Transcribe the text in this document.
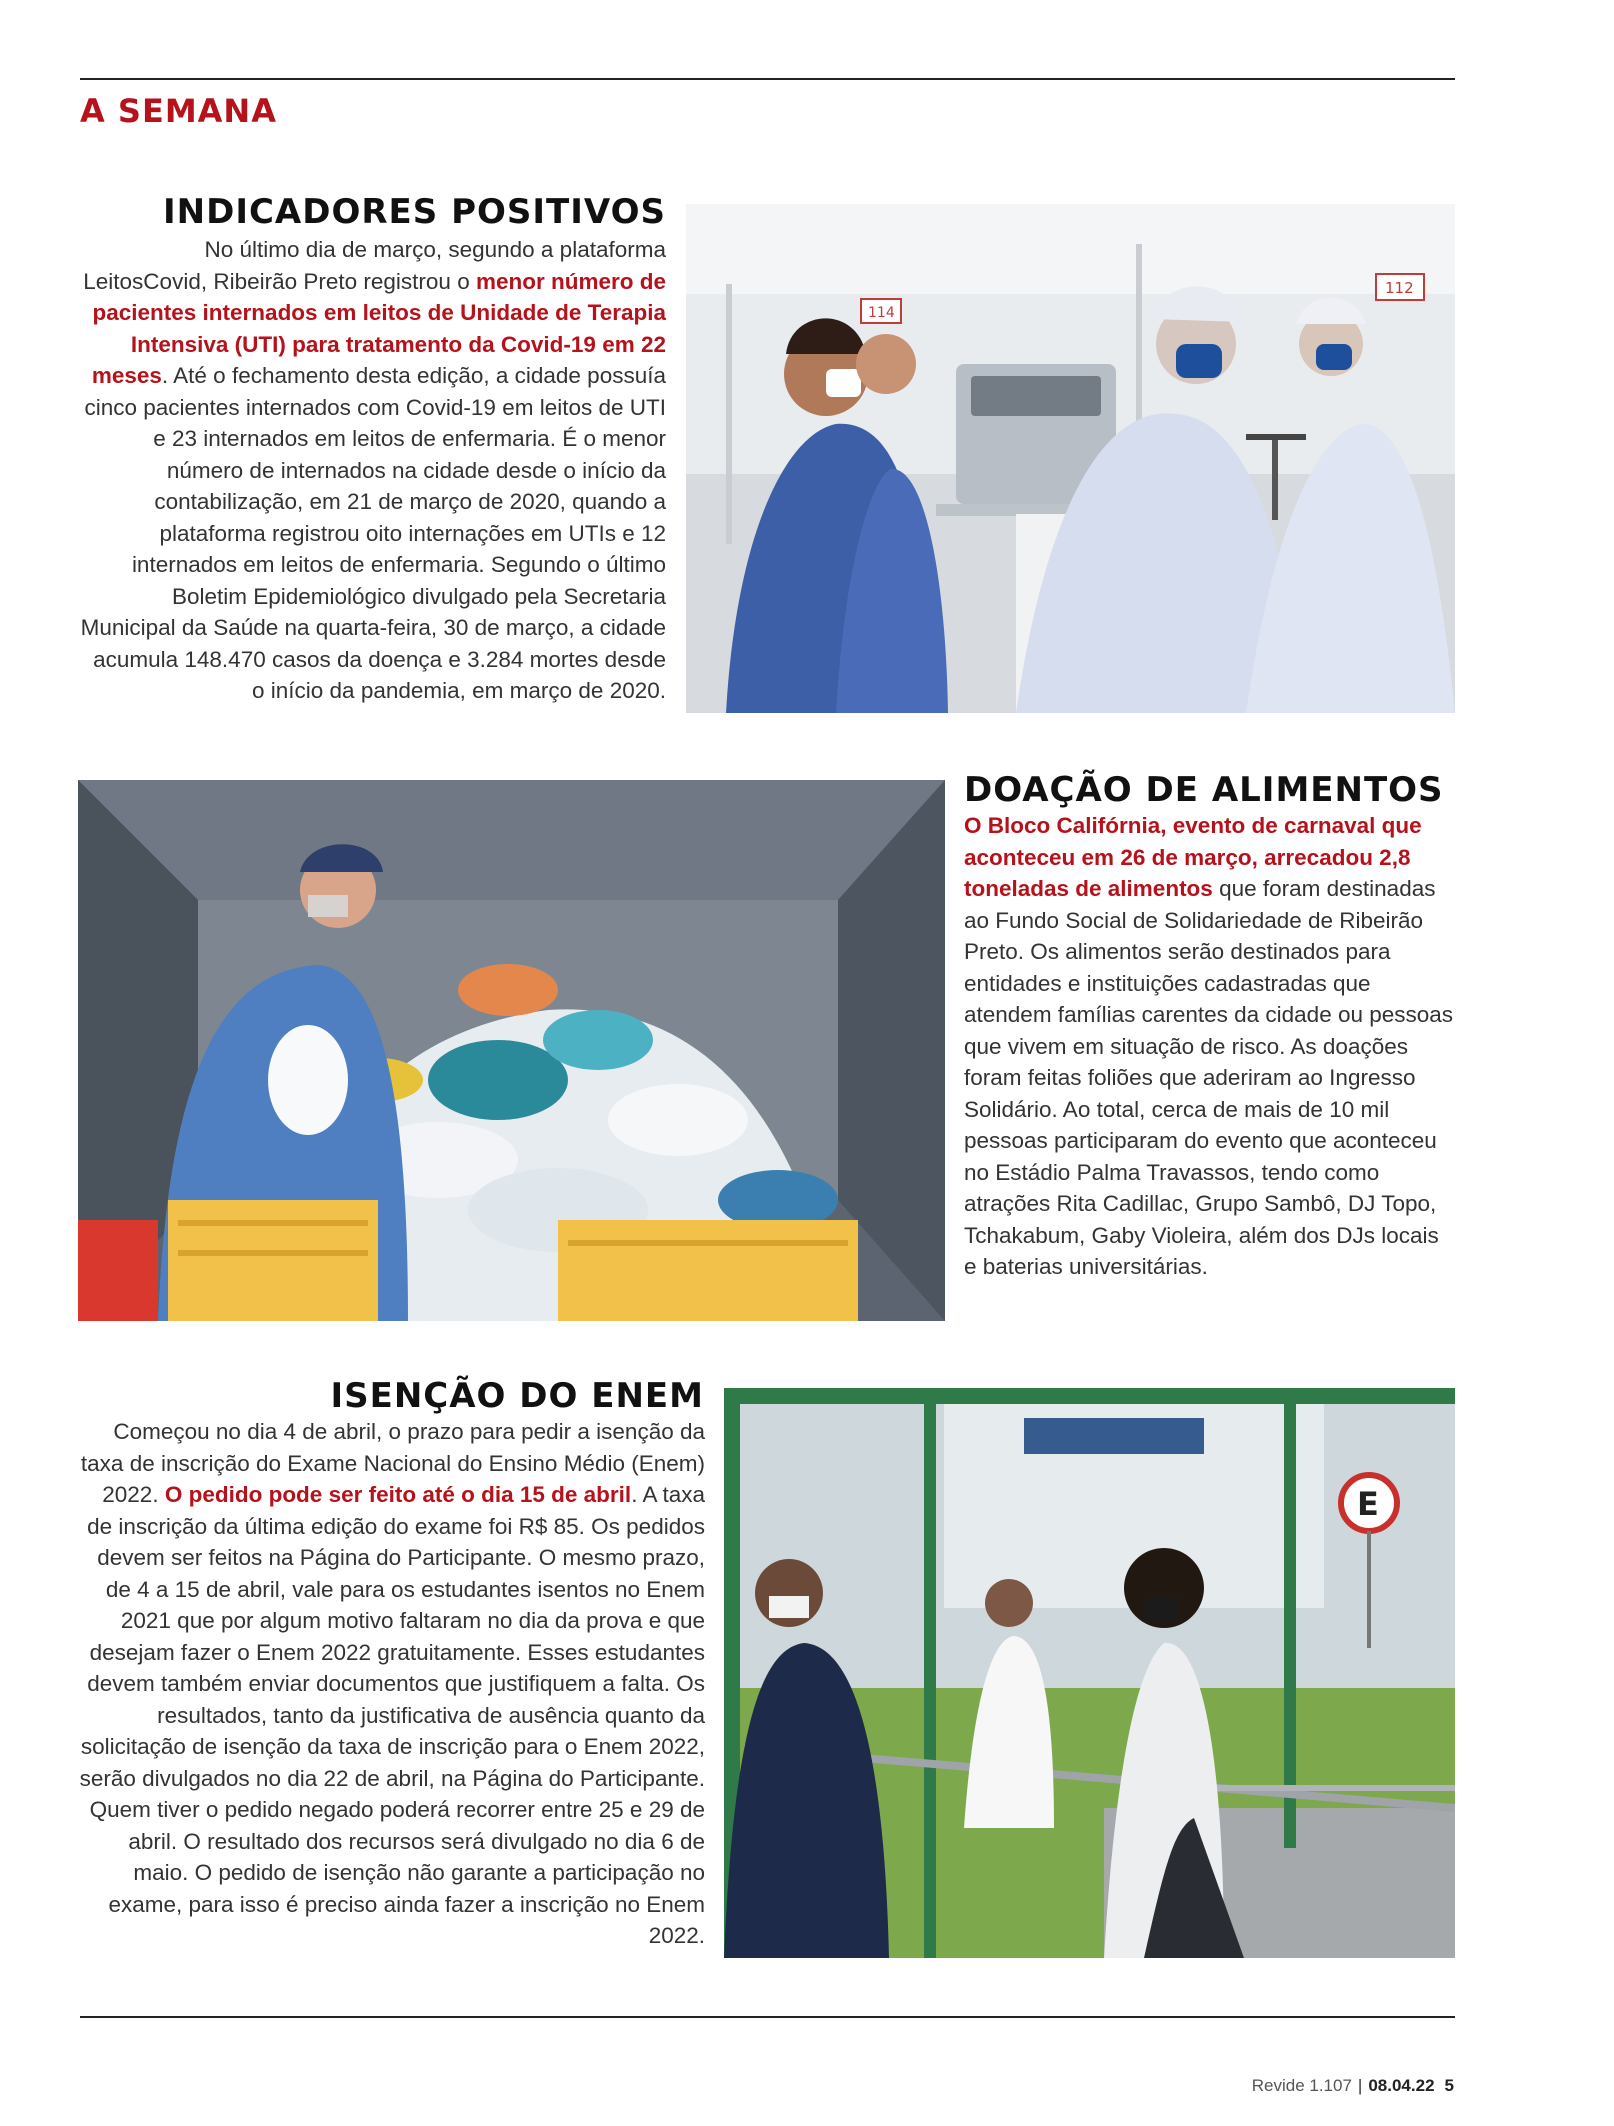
A SEMANA
INDICADORES POSITIVOS

No último dia de março, segundo a plataforma LeitosCovid, Ribeirão Preto registrou o menor número de pacientes internados em leitos de Unidade de Terapia Intensiva (UTI) para tratamento da Covid-19 em 22 meses. Até o fechamento desta edição, a cidade possuía cinco pacientes internados com Covid-19 em leitos de UTI e 23 internados em leitos de enfermaria. É o menor número de internados na cidade desde o início da contabilização, em 21 de março de 2020, quando a plataforma registrou oito internações em UTIs e 12 internados em leitos de enfermaria. Segundo o último Boletim Epidemiológico divulgado pela Secretaria Municipal da Saúde na quarta-feira, 30 de março, a cidade acumula 148.470 casos da doença e 3.284 mortes desde o início da pandemia, em março de 2020.

114
112
DOAÇÃO DE ALIMENTOS

O Bloco Califórnia, evento de carnaval que aconteceu em 26 de março, arrecadou 2,8 toneladas de alimentos que foram destinadas ao Fundo Social de Solidariedade de Ribeirão Preto. Os alimentos serão destinados para entidades e instituições cadastradas que atendem famílias carentes da cidade ou pessoas que vivem em situação de risco. As doações foram feitas foliões que aderiram ao Ingresso Solidário. Ao total, cerca de mais de 10 mil pessoas participaram do evento que aconteceu no Estádio Palma Travassos, tendo como atrações Rita Cadillac, Grupo Sambô, DJ Topo, Tchakabum, Gaby Violeira, além dos DJs locais e baterias universitárias.

ISENÇÃO DO ENEM

Começou no dia 4 de abril, o prazo para pedir a isenção da taxa de inscrição do Exame Nacional do Ensino Médio (Enem) 2022. O pedido pode ser feito até o dia 15 de abril. A taxa de inscrição da última edição do exame foi R$ 85. Os pedidos devem ser feitos na Página do Participante. O mesmo prazo, de 4 a 15 de abril, vale para os estudantes isentos no Enem 2021 que por algum motivo faltaram no dia da prova e que desejam fazer o Enem 2022 gratuitamente. Esses estudantes devem também enviar documentos que justifiquem a falta. Os resultados, tanto da justificativa de ausência quanto da solicitação de isenção da taxa de inscrição para o Enem 2022, serão divulgados no dia 22 de abril, na Página do Participante. Quem tiver o pedido negado poderá recorrer entre 25 e 29 de abril. O resultado dos recursos será divulgado no dia 6 de maio. O pedido de isenção não garante a participação no exame, para isso é preciso ainda fazer a inscrição no Enem 2022.

E
Revide 1.107 | 08.04.22 5
